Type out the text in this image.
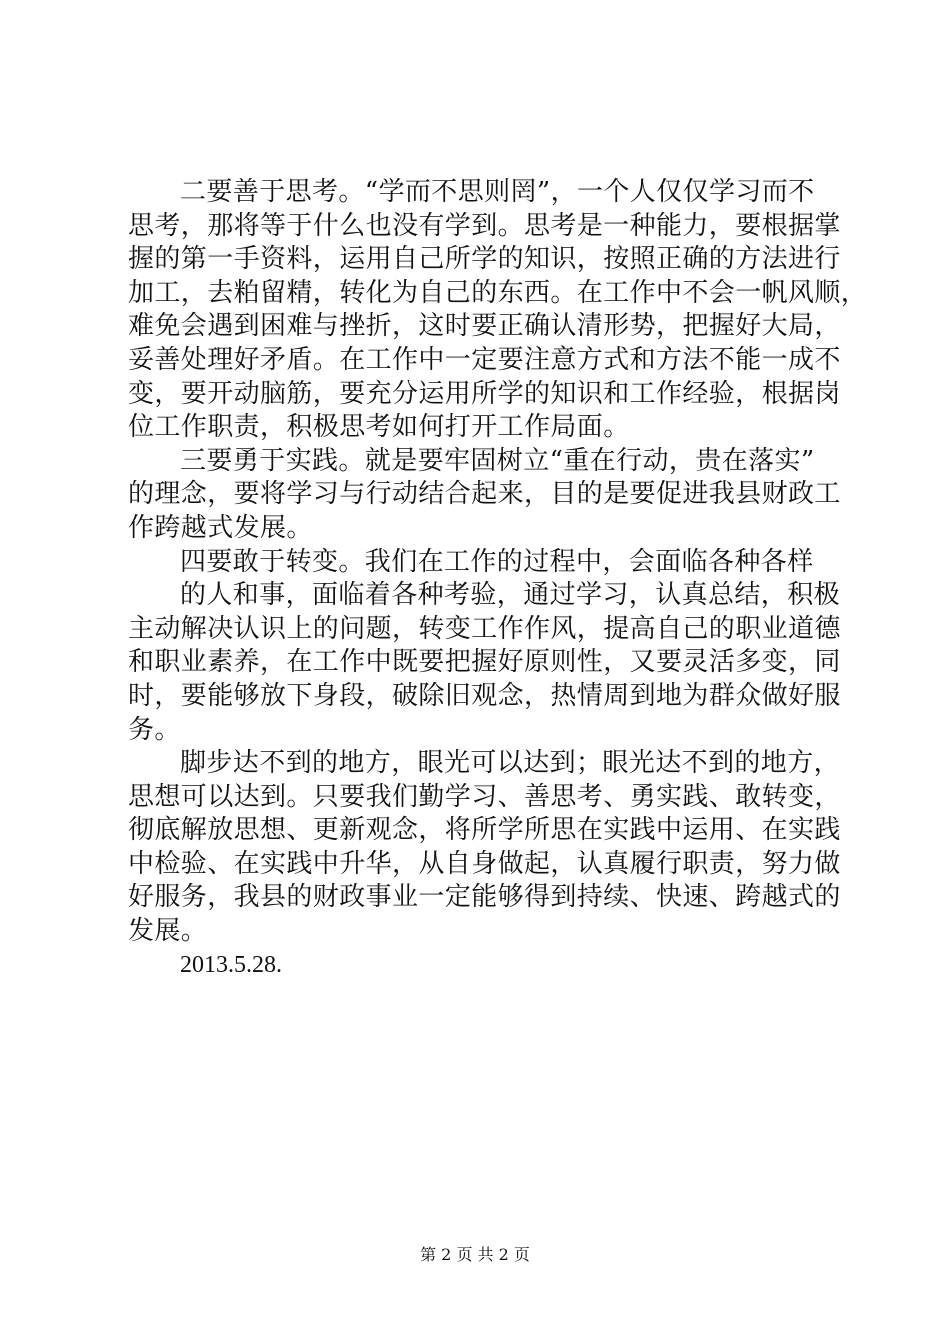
二要善于思考。“学而不思则罔”，一个人仅仅学习而不
思考，那将等于什么也没有学到。思考是一种能力，要根据掌
握的第一手资料，运用自己所学的知识，按照正确的方法进行
加工，去粕留精，转化为自己的东西。在工作中不会一帆风顺，
难免会遇到困难与挫折，这时要正确认清形势，把握好大局，
妥善处理好矛盾。在工作中一定要注意方式和方法不能一成不
变，要开动脑筋，要充分运用所学的知识和工作经验，根据岗
位工作职责，积极思考如何打开工作局面。
三要勇于实践。就是要牢固树立“重在行动，贵在落实”
的理念，要将学习与行动结合起来，目的是要促进我县财政工
作跨越式发展。
四要敢于转变。我们在工作的过程中，会面临各种各样
的人和事，面临着各种考验，通过学习，认真总结，积极
主动解决认识上的问题，转变工作作风，提高自己的职业道德
和职业素养，在工作中既要把握好原则性，又要灵活多变，同
时，要能够放下身段，破除旧观念，热情周到地为群众做好服
务。
脚步达不到的地方，眼光可以达到；眼光达不到的地方，
思想可以达到。只要我们勤学习、善思考、勇实践、敢转变，
彻底解放思想、更新观念，将所学所思在实践中运用、在实践
中检验、在实践中升华，从自身做起，认真履行职责，努力做
好服务，我县的财政事业一定能够得到持续、快速、跨越式的
发展。
2013.5.28.
第 2 页 共 2 页
